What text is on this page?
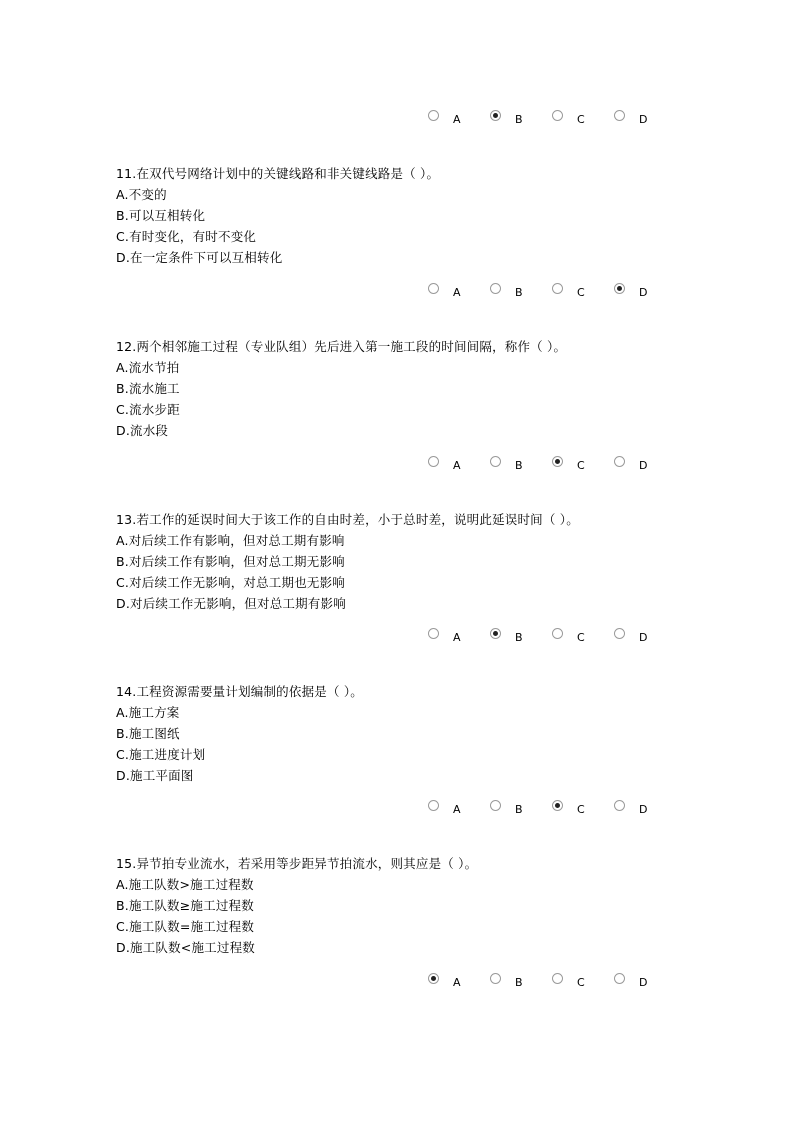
A	B	C	D
11.在双代号网络计划中的关键线路和非关键线路是（ ）。
A.不变的
B.可以互相转化
C.有时变化，有时不变化
D.在一定条件下可以互相转化
A	B	C	D
12.两个相邻施工过程（专业队组）先后进入第一施工段的时间间隔，称作（ ）。
A.流水节拍
B.流水施工
C.流水步距
D.流水段
A	B	C	D
13.若工作的延误时间大于该工作的自由时差，小于总时差，说明此延误时间（ ）。
A.对后续工作有影响，但对总工期有影响
B.对后续工作有影响，但对总工期无影响
C.对后续工作无影响，对总工期也无影响
D.对后续工作无影响，但对总工期有影响
A	B	C	D
14.工程资源需要量计划编制的依据是（ ）。
A.施工方案
B.施工图纸
C.施工进度计划
D.施工平面图
A	B	C	D
15.异节拍专业流水，若采用等步距异节拍流水，则其应是（ ）。
A.施工队数>施工过程数
B.施工队数≥施工过程数
C.施工队数=施工过程数
D.施工队数<施工过程数
A	B	C	D
